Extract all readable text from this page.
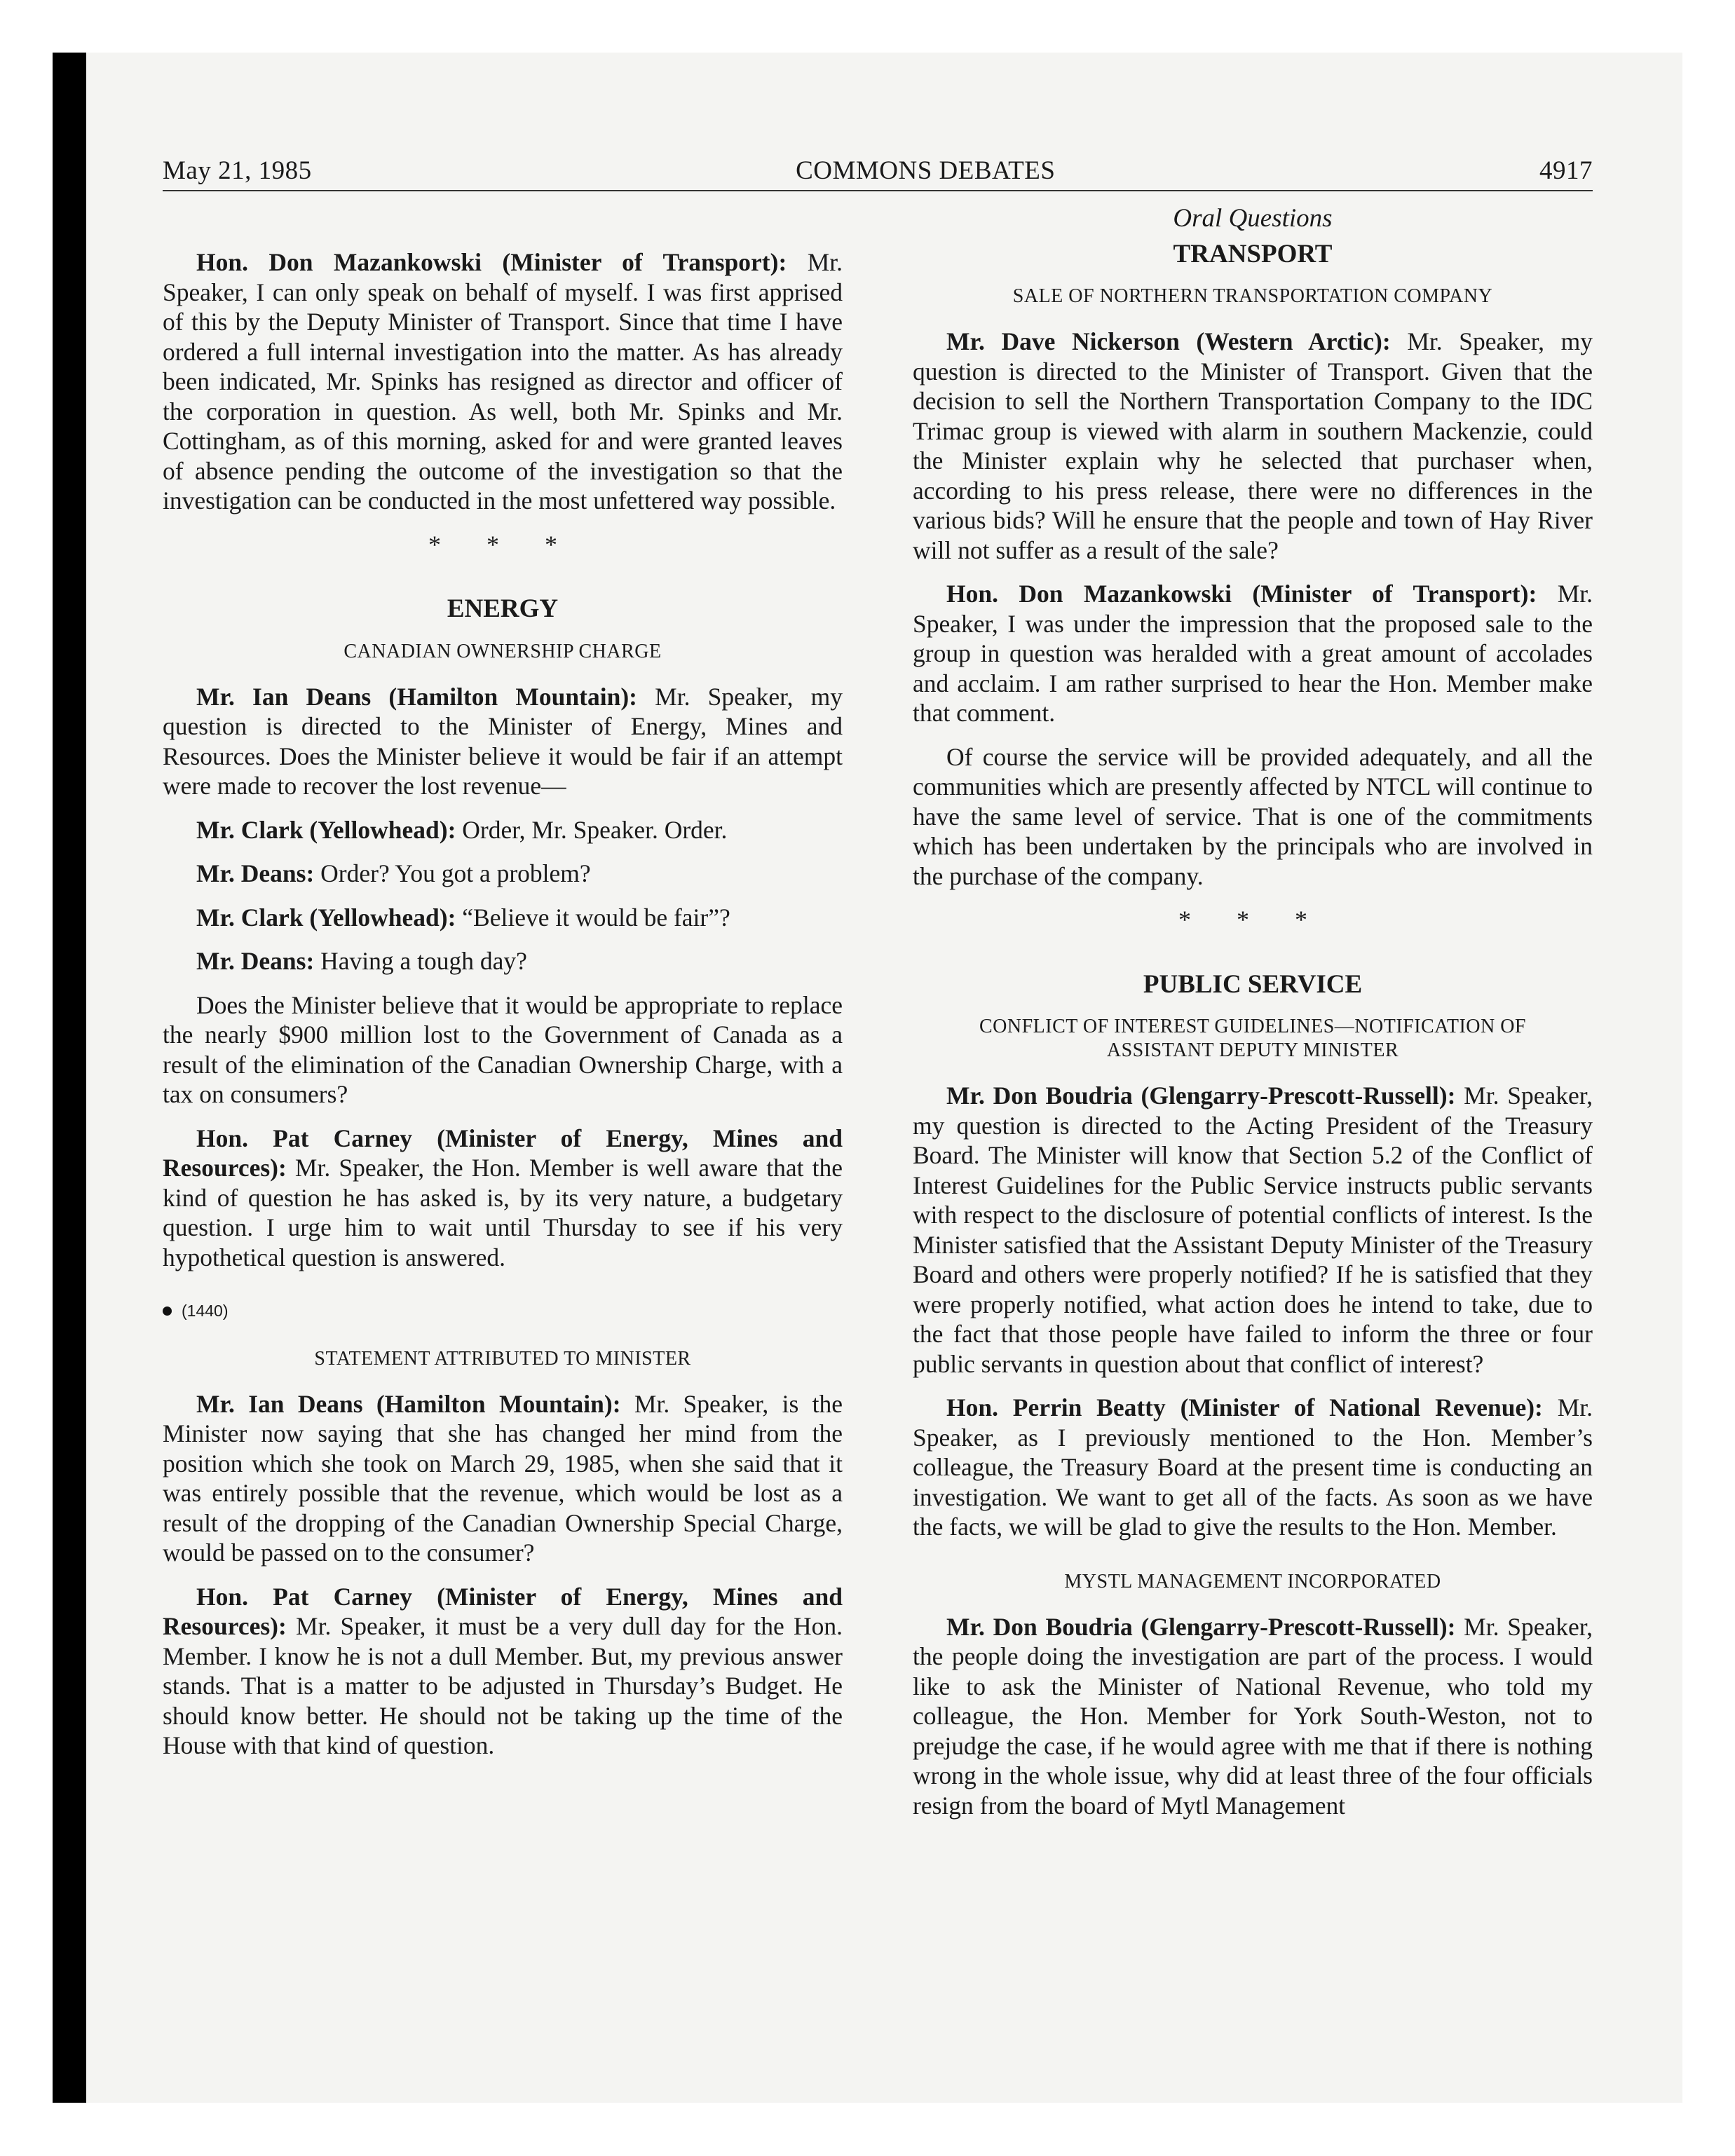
May 21, 1985	COMMONS DEBATES	4917

Hon. Don Mazankowski (Minister of Transport): Mr. Speaker, I can only speak on behalf of myself. I was first apprised of this by the Deputy Minister of Transport. Since that time I have ordered a full internal investigation into the matter. As has already been indicated, Mr. Spinks has resigned as director and officer of the corporation in question. As well, both Mr. Spinks and Mr. Cottingham, as of this morning, asked for and were granted leaves of absence pending the outcome of the investigation so that the investigation can be conducted in the most unfettered way possible.

* * *
ENERGY
CANADIAN OWNERSHIP CHARGE

Mr. Ian Deans (Hamilton Mountain): Mr. Speaker, my question is directed to the Minister of Energy, Mines and Resources. Does the Minister believe it would be fair if an attempt were made to recover the lost revenue—

Mr. Clark (Yellowhead): Order, Mr. Speaker. Order.

Mr. Deans: Order? You got a problem?

Mr. Clark (Yellowhead): “Believe it would be fair”?

Mr. Deans: Having a tough day?

Does the Minister believe that it would be appropriate to replace the nearly $900 million lost to the Government of Canada as a result of the elimination of the Canadian Ownership Charge, with a tax on consumers?

Hon. Pat Carney (Minister of Energy, Mines and Resources): Mr. Speaker, the Hon. Member is well aware that the kind of question he has asked is, by its very nature, a budgetary question. I urge him to wait until Thursday to see if his very hypothetical question is answered.

(1440)
STATEMENT ATTRIBUTED TO MINISTER

Mr. Ian Deans (Hamilton Mountain): Mr. Speaker, is the Minister now saying that she has changed her mind from the position which she took on March 29, 1985, when she said that it was entirely possible that the revenue, which would be lost as a result of the dropping of the Canadian Ownership Special Charge, would be passed on to the consumer?

Hon. Pat Carney (Minister of Energy, Mines and Resources): Mr. Speaker, it must be a very dull day for the Hon. Member. I know he is not a dull Member. But, my previous answer stands. That is a matter to be adjusted in Thursday’s Budget. He should know better. He should not be taking up the time of the House with that kind of question.

Oral Questions
TRANSPORT
SALE OF NORTHERN TRANSPORTATION COMPANY

Mr. Dave Nickerson (Western Arctic): Mr. Speaker, my question is directed to the Minister of Transport. Given that the decision to sell the Northern Transportation Company to the IDC Trimac group is viewed with alarm in southern Mackenzie, could the Minister explain why he selected that purchaser when, according to his press release, there were no differences in the various bids? Will he ensure that the people and town of Hay River will not suffer as a result of the sale?

Hon. Don Mazankowski (Minister of Transport): Mr. Speaker, I was under the impression that the proposed sale to the group in question was heralded with a great amount of accolades and acclaim. I am rather surprised to hear the Hon. Member make that comment.

Of course the service will be provided adequately, and all the communities which are presently affected by NTCL will continue to have the same level of service. That is one of the commitments which has been undertaken by the principals who are involved in the purchase of the company.

* * *
PUBLIC SERVICE
CONFLICT OF INTEREST GUIDELINES—NOTIFICATION OF ASSISTANT DEPUTY MINISTER

Mr. Don Boudria (Glengarry-Prescott-Russell): Mr. Speaker, my question is directed to the Acting President of the Treasury Board. The Minister will know that Section 5.2 of the Conflict of Interest Guidelines for the Public Service instructs public servants with respect to the disclosure of potential conflicts of interest. Is the Minister satisfied that the Assistant Deputy Minister of the Treasury Board and others were properly notified? If he is satisfied that they were properly notified, what action does he intend to take, due to the fact that those people have failed to inform the three or four public servants in question about that conflict of interest?

Hon. Perrin Beatty (Minister of National Revenue): Mr. Speaker, as I previously mentioned to the Hon. Member’s colleague, the Treasury Board at the present time is conducting an investigation. We want to get all of the facts. As soon as we have the facts, we will be glad to give the results to the Hon. Member.

MYSTL MANAGEMENT INCORPORATED

Mr. Don Boudria (Glengarry-Prescott-Russell): Mr. Speaker, the people doing the investigation are part of the process. I would like to ask the Minister of National Revenue, who told my colleague, the Hon. Member for York South-Weston, not to prejudge the case, if he would agree with me that if there is nothing wrong in the whole issue, why did at least three of the four officials resign from the board of Mytl Management
